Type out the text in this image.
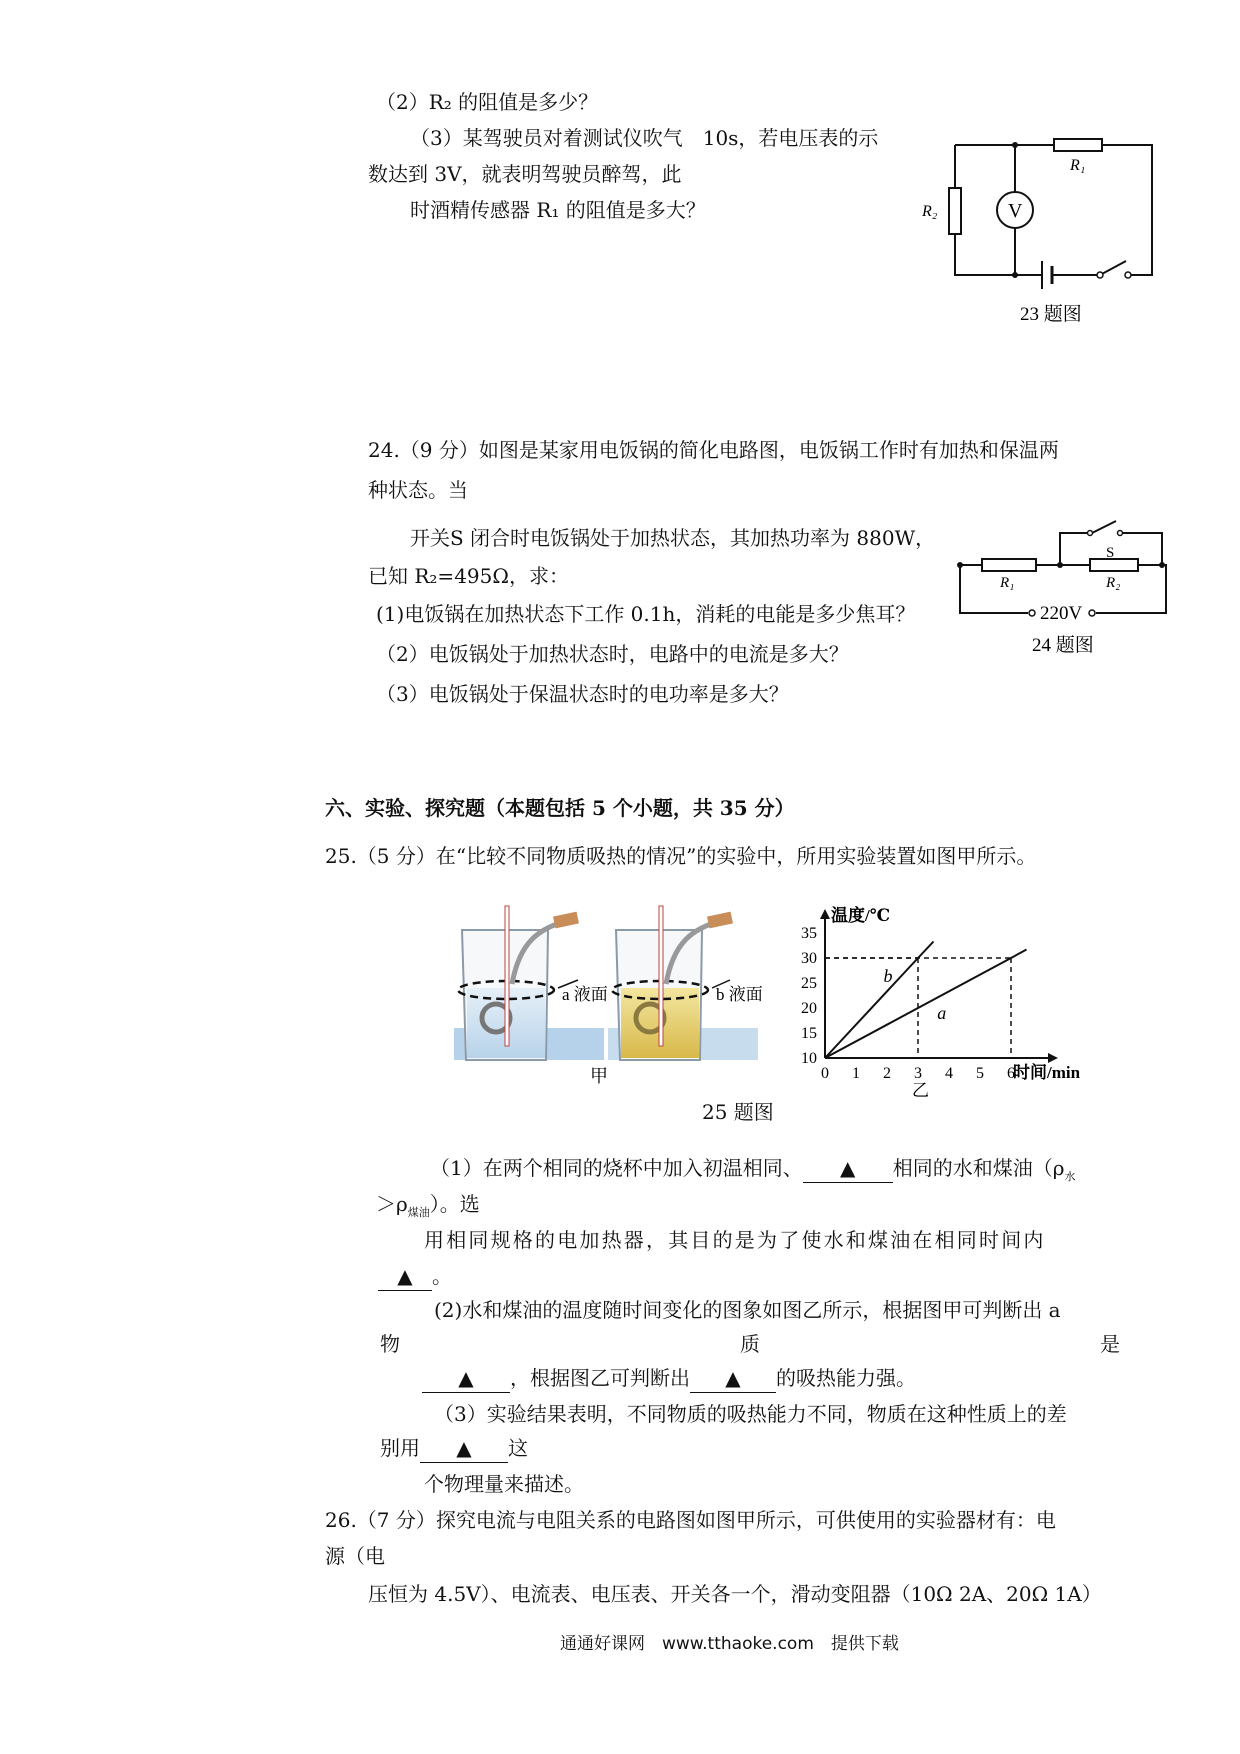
（2）R₂ 的阻值是多少？
（3）某驾驶员对着测试仪吹气　10s，若电压表的示
数达到 3V，就表明驾驶员醉驾，此
时酒精传感器 R₁ 的阻值是多大？
R₁
R₂	V
23 题图
24.（9 分）如图是某家用电饭锅的简化电路图，电饭锅工作时有加热和保温两
种状态。当
开关S 闭合时电饭锅处于加热状态，其加热功率为 880W，
已知 R₂=495Ω，求：
(1)电饭锅在加热状态下工作 0.1h，消耗的电能是多少焦耳？
（2）电饭锅处于加热状态时，电路中的电流是多大？
（3）电饭锅处于保温状态时的电功率是多大？
S
R₁	R₂
220V
24 题图
六、实验、探究题（本题包括 5 个小题，共 35 分）
25.（5 分）在“比较不同物质吸热的情况”的实验中，所用实验装置如图甲所示。
a 液面	b 液面
甲
温度/℃
时间/min
0 1 2 3 4 5 6
10
15
20
25
30
35
b
a
乙
25 题图
（1）在两个相同的烧杯中加入初温相同、 ▲ 相同的水和煤油（$\rho_水$
$>\rho_{煤油}$）。选
用相同规格的电加热器，其目的是为了使水和煤油在相同时间内
▲ 。
(2)水和煤油的温度随时间变化的图象如图乙所示，根据图甲可判断出 a
物	质	是
▲ ，根据图乙可判断出 ▲ 的吸热能力强。
（3）实验结果表明，不同物质的吸热能力不同，物质在这种性质上的差
别用 ▲ 这
个物理量来描述。
26.（7 分）探究电流与电阻关系的电路图如图甲所示，可供使用的实验器材有：电
源（电
压恒为 4.5V）、电流表、电压表、开关各一个，滑动变阻器（10Ω 2A、20Ω 1A）
通通好课网　www.tthaoke.com　提供下载
